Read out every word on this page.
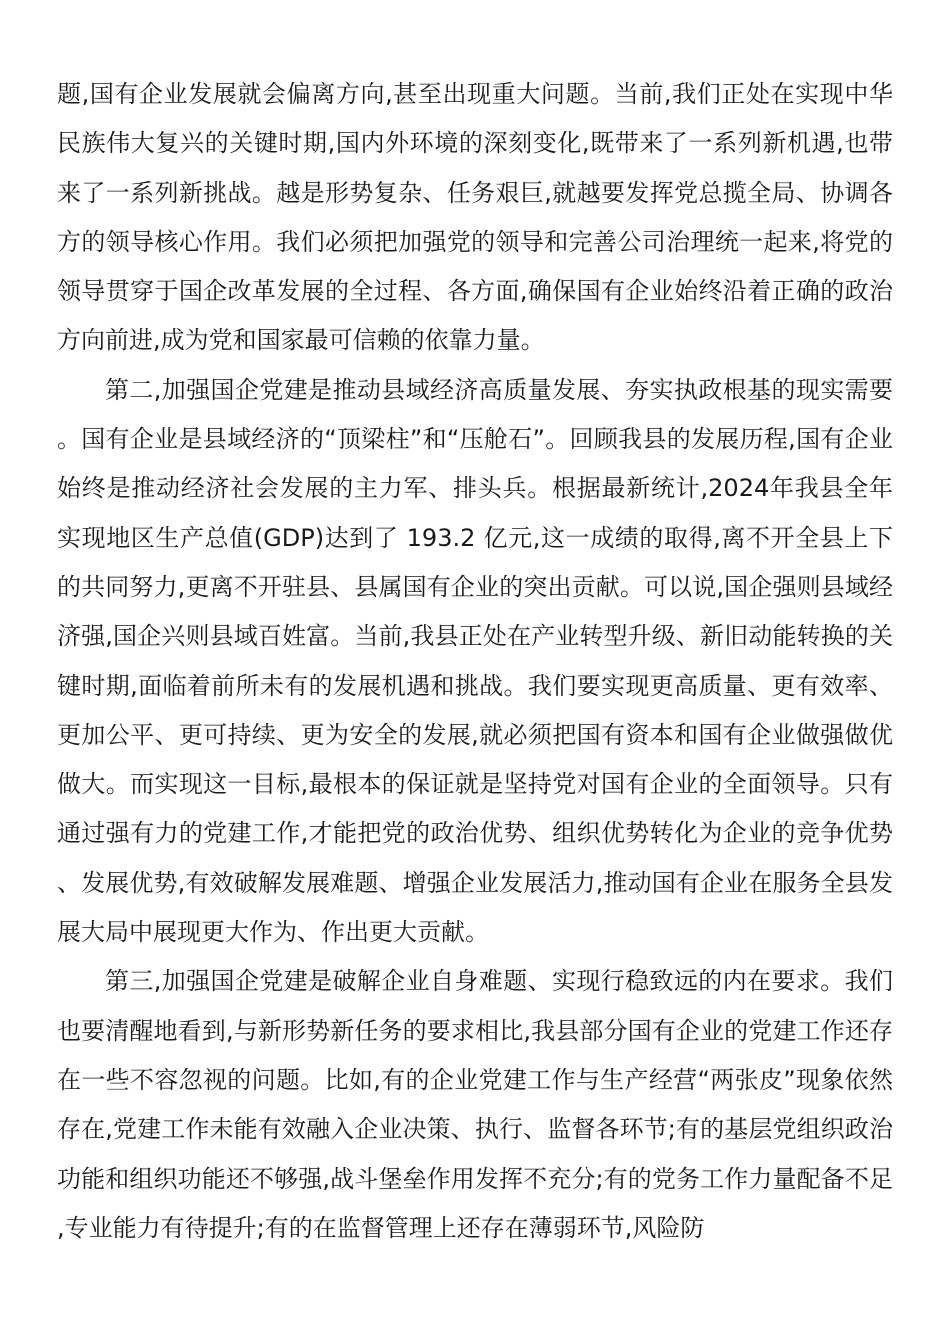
题,国有企业发展就会偏离方向,甚至出现重大问题。当前,我们正处在实现中华民族伟大复兴的关键时期,国内外环境的深刻变化,既带来了一系列新机遇,也带来了一系列新挑战。越是形势复杂、任务艰巨,就越要发挥党总揽全局、协调各方的领导核心作用。我们必须把加强党的领导和完善公司治理统一起来,将党的领导贯穿于国企改革发展的全过程、各方面,确保国有企业始终沿着正确的政治方向前进,成为党和国家最可信赖的依靠力量。

第二,加强国企党建是推动县域经济高质量发展、夯实执政根基的现实需要。国有企业是县域经济的“顶梁柱”和“压舱石”。回顾我县的发展历程,国有企业始终是推动经济社会发展的主力军、排头兵。根据最新统计,2024年我县全年实现地区生产总值(GDP)达到了 193.2 亿元,这一成绩的取得,离不开全县上下的共同努力,更离不开驻县、县属国有企业的突出贡献。可以说,国企强则县域经济强,国企兴则县域百姓富。当前,我县正处在产业转型升级、新旧动能转换的关键时期,面临着前所未有的发展机遇和挑战。我们要实现更高质量、更有效率、更加公平、更可持续、更为安全的发展,就必须把国有资本和国有企业做强做优做大。而实现这一目标,最根本的保证就是坚持党对国有企业的全面领导。只有通过强有力的党建工作,才能把党的政治优势、组织优势转化为企业的竞争优势、发展优势,有效破解发展难题、增强企业发展活力,推动国有企业在服务全县发展大局中展现更大作为、作出更大贡献。

第三,加强国企党建是破解企业自身难题、实现行稳致远的内在要求。我们也要清醒地看到,与新形势新任务的要求相比,我县部分国有企业的党建工作还存在一些不容忽视的问题。比如,有的企业党建工作与生产经营“两张皮”现象依然存在,党建工作未能有效融入企业决策、执行、监督各环节;有的基层党组织政治功能和组织功能还不够强,战斗堡垒作用发挥不充分;有的党务工作力量配备不足,专业能力有待提升;有的在监督管理上还存在薄弱环节,风险防
